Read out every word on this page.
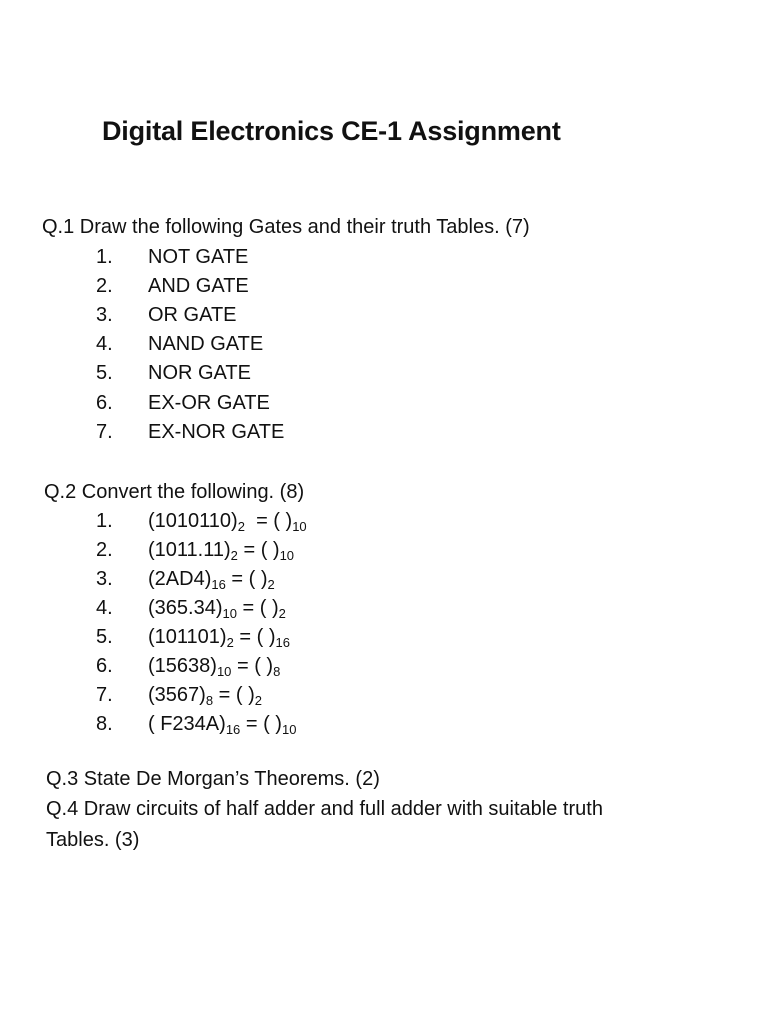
Digital Electronics CE-1 Assignment
Q.1 Draw the following Gates and their truth Tables. (7)
1.	NOT GATE
2.	AND GATE
3.	OR GATE
4.	NAND GATE
5.	NOR GATE
6.	EX-OR GATE
7.	EX-NOR GATE
Q.2 Convert the following. (8)
1.	$(1010110)_2$ = ( )$_{10}$
2.	$(1011.11)_2$ = ( )$_{10}$
3.	$(2AD4)_{16}$ = ( )$_2$
4.	$(365.34)_{10}$ = ( )$_2$
5.	$(101101)_2$ = ( )$_{16}$
6.	$(15638)_{10}$ = ( )$_8$
7.	$(3567)_8$ = ( )$_2$
8.	( $F234A)_{16}$ = ( )$_{10}$
Q.3 State De Morgan’s Theorems. (2)
Q.4 Draw circuits of half adder and full adder with suitable truth
Tables. (3)
